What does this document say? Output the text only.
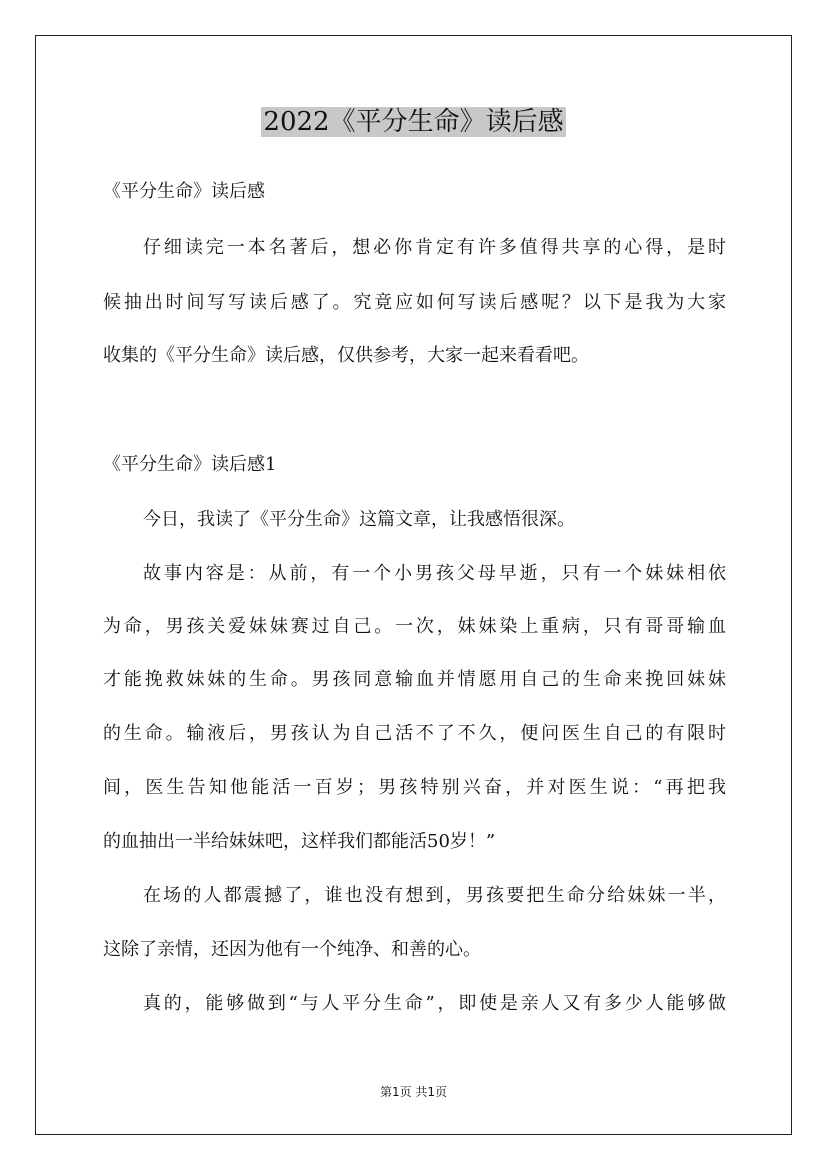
2022《平分生命》读后感
《平分生命》读后感
仔细读完一本名著后，想必你肯定有许多值得共享的心得，是时
候抽出时间写写读后感了。究竟应如何写读后感呢？以下是我为大家
收集的《平分生命》读后感，仅供参考，大家一起来看看吧。
《平分生命》读后感1
今日，我读了《平分生命》这篇文章，让我感悟很深。
故事内容是：从前，有一个小男孩父母早逝，只有一个妹妹相依
为命，男孩关爱妹妹赛过自己。一次，妹妹染上重病，只有哥哥输血
才能挽救妹妹的生命。男孩同意输血并情愿用自己的生命来挽回妹妹
的生命。输液后，男孩认为自己活不了不久，便问医生自己的有限时
间，医生告知他能活一百岁；男孩特别兴奋，并对医生说：“再把我
的血抽出一半给妹妹吧，这样我们都能活50岁！”
在场的人都震撼了，谁也没有想到，男孩要把生命分给妹妹一半，
这除了亲情，还因为他有一个纯净、和善的心。
真的，能够做到“与人平分生命”，即使是亲人又有多少人能够做
第1页 共1页
